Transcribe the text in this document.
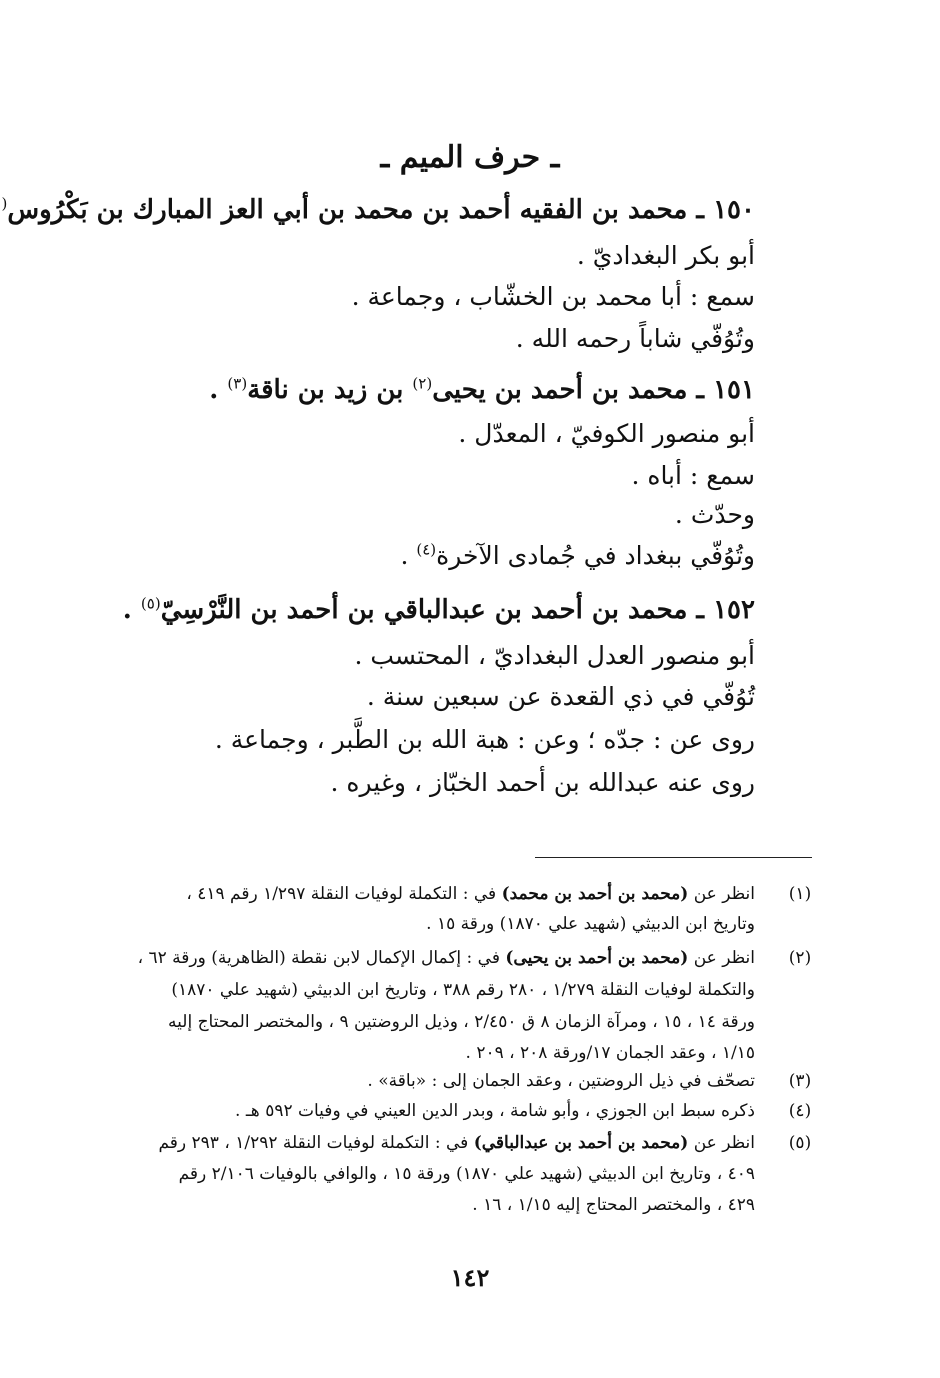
ـ حرف الميم ـ
١٥٠ ـ محمد بن الفقيه أحمد بن محمد بن أبي العز المبارك بن بَكْرُوس(
أبو بكر البغداديّ .
سمع : أبا محمد بن الخشّاب ، وجماعة .
وتُوُفّي شاباً رحمه الله .
١٥١ ـ محمد بن أحمد بن يحيى$^{(٢)}$ بن زيد بن ناقة$^{(٣)}$ .
أبو منصور الكوفيّ ، المعدّل .
سمع : أباه .
وحدّث .
وتُوُفّي ببغداد في جُمادى الآخرة$^{(٤)}$ .
١٥٢ ـ محمد بن أحمد بن عبدالباقي بن أحمد بن النَّرْسِيّ$^{(٥)}$ .
أبو منصور العدل البغداديّ ، المحتسب .
تُوُفّي في ذي القعدة عن سبعين سنة .
روى عن : جدّه ؛ وعن : هبة الله بن الطَّبر ، وجماعة .
روى عنه عبدالله بن أحمد الخبّاز ، وغيره .
(١)
انظر عن (محمد بن أحمد بن محمد) في : التكملة لوفيات النقلة ١/٢٩٧ رقم ٤١٩ ،
وتاريخ ابن الدبيثي (شهيد علي ١٨٧٠) ورقة ١٥ .
(٢)
انظر عن (محمد بن أحمد بن يحيى) في : إكمال الإكمال لابن نقطة (الظاهرية) ورقة ٦٢ ،
والتكملة لوفيات النقلة ١/٢٧٩ ، ٢٨٠ رقم ٣٨٨ ، وتاريخ ابن الدبيثي (شهيد علي ١٨٧٠)
ورقة ١٤ ، ١٥ ، ومرآة الزمان ٨ ق ٢/٤٥٠ ، وذيل الروضتين ٩ ، والمختصر المحتاج إليه
١/١٥ ، وعقد الجمان ١٧/ورقة ٢٠٨ ، ٢٠٩ .
(٣)
تصحّف في ذيل الروضتين ، وعقد الجمان إلى : «باقة» .
(٤)
ذكره سبط ابن الجوزي ، وأبو شامة ، وبدر الدين العيني في وفيات ٥٩٢ هـ .
(٥)
انظر عن (محمد بن أحمد بن عبدالباقي) في : التكملة لوفيات النقلة ١/٢٩٢ ، ٢٩٣ رقم
٤٠٩ ، وتاريخ ابن الدبيثي (شهيد علي ١٨٧٠) ورقة ١٥ ، والوافي بالوفيات ٢/١٠٦ رقم
٤٢٩ ، والمختصر المحتاج إليه ١/١٥ ، ١٦ .
١٤٢
